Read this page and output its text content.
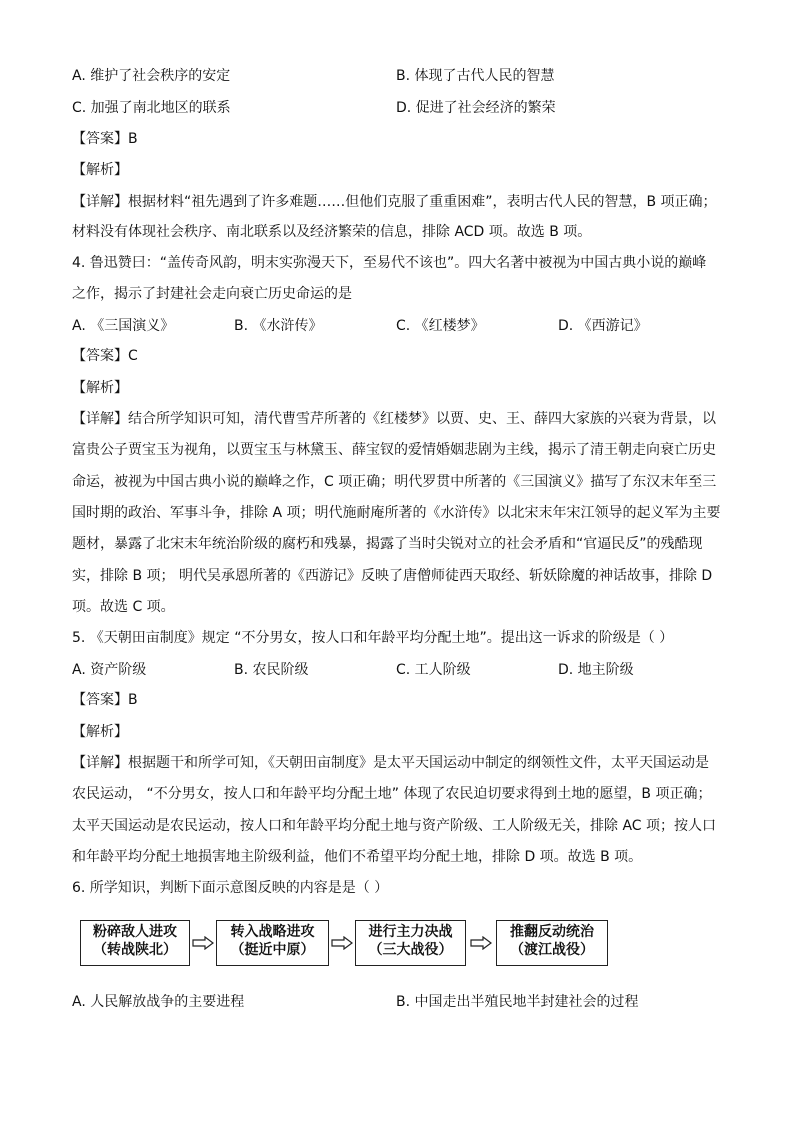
A. 维护了社会秩序的安定	B. 体现了古代人民的智慧
C. 加强了南北地区的联系	D. 促进了社会经济的繁荣
【答案】B
【解析】
【详解】根据材料“祖先遇到了许多难题……但他们克服了重重困难”，表明古代人民的智慧，B 项正确；
材料没有体现社会秩序、南北联系以及经济繁荣的信息，排除 ACD 项。故选 B 项。
4. 鲁迅赞曰：“盖传奇风韵，明末实弥漫天下，至易代不该也”。四大名著中被视为中国古典小说的巅峰
之作，揭示了封建社会走向衰亡历史命运的是
A. 《三国演义》	B. 《水浒传》	C. 《红楼梦》	D. 《西游记》
【答案】C
【解析】
【详解】结合所学知识可知，清代曹雪芹所著的《红楼梦》以贾、史、王、薛四大家族的兴衰为背景，以
富贵公子贾宝玉为视角，以贾宝玉与林黛玉、薛宝钗的爱情婚姻悲剧为主线，揭示了清王朝走向衰亡历史
命运，被视为中国古典小说的巅峰之作，C 项正确；明代罗贯中所著的《三国演义》描写了东汉末年至三
国时期的政治、军事斗争，排除 A 项；明代施耐庵所著的《水浒传》以北宋末年宋江领导的起义军为主要
题材，暴露了北宋末年统治阶级的腐朽和残暴，揭露了当时尖锐对立的社会矛盾和“官逼民反”的残酷现
实，排除 B 项； 明代吴承恩所著的《西游记》反映了唐僧师徒西天取经、斩妖除魔的神话故事，排除 D
项。故选 C 项。
5. 《天朝田亩制度》规定 “不分男女，按人口和年龄平均分配土地”。提出这一诉求的阶级是（ ）
A. 资产阶级	B. 农民阶级	C. 工人阶级	D. 地主阶级
【答案】B
【解析】
【详解】根据题干和所学可知，《天朝田亩制度》是太平天国运动中制定的纲领性文件，太平天国运动是
农民运动， “不分男女，按人口和年龄平均分配土地” 体现了农民迫切要求得到土地的愿望，B 项正确；
太平天国运动是农民运动，按人口和年龄平均分配土地与资产阶级、工人阶级无关，排除 AC 项；按人口
和年龄平均分配土地损害地主阶级利益，他们不希望平均分配土地，排除 D 项。故选 B 项。
6. 所学知识，判断下面示意图反映的内容是是（ ）
粉碎敌人进攻
（转战陕北）
转入战略进攻
（挺近中原）
进行主力决战
（三大战役）
推翻反动统治
（渡江战役）
A. 人民解放战争的主要进程	B. 中国走出半殖民地半封建社会的过程
